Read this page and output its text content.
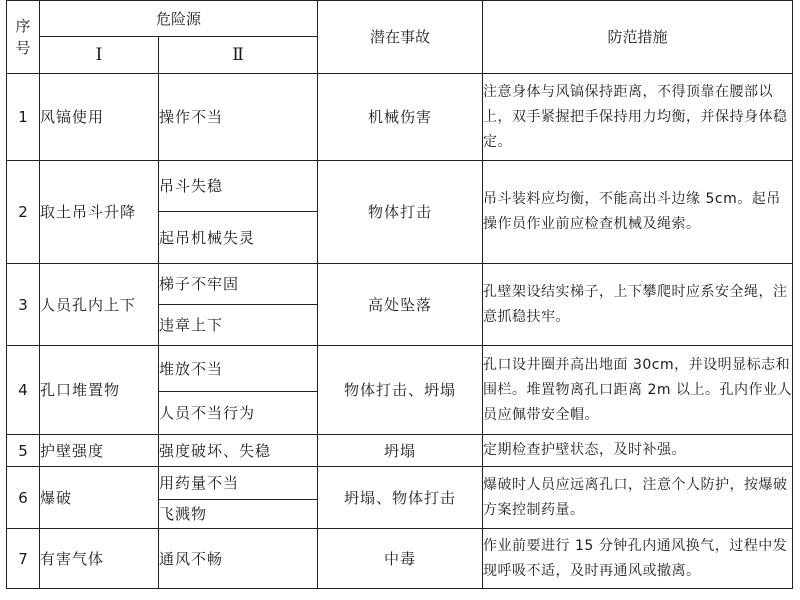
序
号	危险源		潜在事故	防范措施
	Ⅰ	Ⅱ		
1	风镐使用	操作不当	机械伤害	注意身体与风镐保持距离，不得顶靠在腰部以上，双手紧握把手保持用力均衡，并保持身体稳定。
2	取土吊斗升降	吊斗失稳	物体打击	吊斗装料应均衡，不能高出斗边缘 5cm。起吊操作员作业前应检查机械及绳索。
		起吊机械失灵		
3	人员孔内上下	梯子不牢固	高处坠落	孔壁架设结实梯子，上下攀爬时应系安全绳，注意抓稳扶牢。
		违章上下		
4	孔口堆置物	堆放不当	物体打击、坍塌	孔口设井圈并高出地面 30cm，并设明显标志和围栏。堆置物离孔口距离 2m 以上。孔内作业人员应佩带安全帽。
		人员不当行为		
5	护壁强度	强度破坏、失稳	坍塌	定期检查护壁状态，及时补强。
6	爆破	用药量不当	坍塌、物体打击	爆破时人员应远离孔口，注意个人防护，按爆破方案控制药量。
		飞溅物		
7	有害气体	通风不畅	中毒	作业前要进行 15 分钟孔内通风换气，过程中发现呼吸不适，及时再通风或撤离。
